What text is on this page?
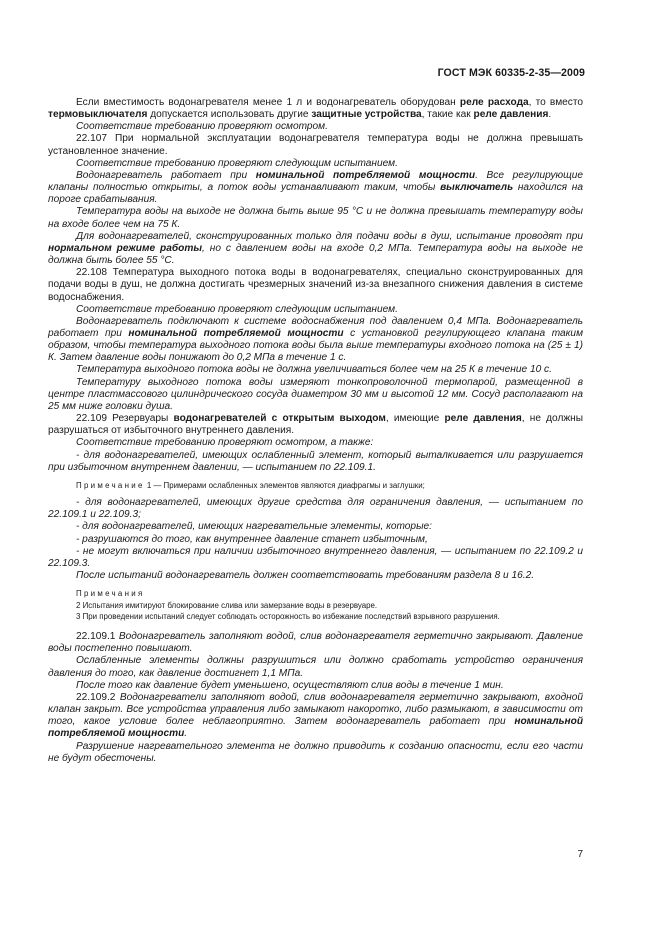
ГОСТ МЭК 60335-2-35—2009

Если вместимость водонагревателя менее 1 л и водонагреватель оборудован реле расхода, то вместо термовыключателя допускается использовать другие защитные устройства, такие как реле давления.

Соответствие требованию проверяют осмотром.

22.107 При нормальной эксплуатации водонагревателя температура воды не должна превышать установленное значение.

Соответствие требованию проверяют следующим испытанием.

Водонагреватель работает при номинальной потребляемой мощности. Все регулирующие клапаны полностью открыты, а поток воды устанавливают таким, чтобы выключатель находился на пороге срабатывания.

Температура воды на выходе не должна быть выше 95 °С и не должна превышать температуру воды на входе более чем на 75 К.

Для водонагревателей, сконструированных только для подачи воды в душ, испытание проводят при нормальном режиме работы, но с давлением воды на входе 0,2 МПа. Температура воды на выходе не должна быть более 55 °С.

22.108 Температура выходного потока воды в водонагревателях, специально сконструированных для подачи воды в душ, не должна достигать чрезмерных значений из-за внезапного снижения давления в системе водоснабжения.

Соответствие требованию проверяют следующим испытанием.

Водонагреватель подключают к системе водоснабжения под давлением 0,4 МПа. Водонагреватель работает при номинальной потребляемой мощности с установкой регулирующего клапана таким образом, чтобы температура выходного потока воды была выше температуры входного потока на (25 ± 1) К. Затем давление воды понижают до 0,2 МПа в течение 1 с.

Температура выходного потока воды не должна увеличиваться более чем на 25 К в течение 10 с.

Температуру выходного потока воды измеряют тонкопроволочной термопарой, размещенной в центре пластмассового цилиндрического сосуда диаметром 30 мм и высотой 12 мм. Сосуд располагают на 25 мм ниже головки душа.

22.109 Резервуары водонагревателей с открытым выходом, имеющие реле давления, не должны разрушаться от избыточного внутреннего давления.

Соответствие требованию проверяют осмотром, а также:

- для водонагревателей, имеющих ослабленный элемент, который выталкивается или разрушается при избыточном внутреннем давлении, — испытанием по 22.109.1.

Примечание 1 — Примерами ослабленных элементов являются диафрагмы и заглушки;

- для водонагревателей, имеющих другие средства для ограничения давления, — испытанием по 22.109.1 и 22.109.3;

- для водонагревателей, имеющих нагревательные элементы, которые:

- разрушаются до того, как внутреннее давление станет избыточным,

- не могут включаться при наличии избыточного внутреннего давления, — испытанием по 22.109.2 и 22.109.3.

После испытаний водонагреватель должен соответствовать требованиям раздела 8 и 16.2.

Примечания

2 Испытания имитируют блокирование слива или замерзание воды в резервуаре.

3 При проведении испытаний следует соблюдать осторожность во избежание последствий взрывного разрушения.

22.109.1 Водонагреватель заполняют водой, слив водонагревателя герметично закрывают. Давление воды постепенно повышают.

Ослабленные элементы должны разрушиться или должно сработать устройство ограничения давления до того, как давление достигнет 1,1 МПа.

После того как давление будет уменьшено, осуществляют слив воды в течение 1 мин.

22.109.2 Водонагреватели заполняют водой, слив водонагревателя герметично закрывают, входной клапан закрыт. Все устройства управления либо замыкают накоротко, либо размыкают, в зависимости от того, какое условие более неблагоприятно. Затем водонагреватель работает при номинальной потребляемой мощности.

Разрушение нагревательного элемента не должно приводить к созданию опасности, если его части не будут обесточены.

7
